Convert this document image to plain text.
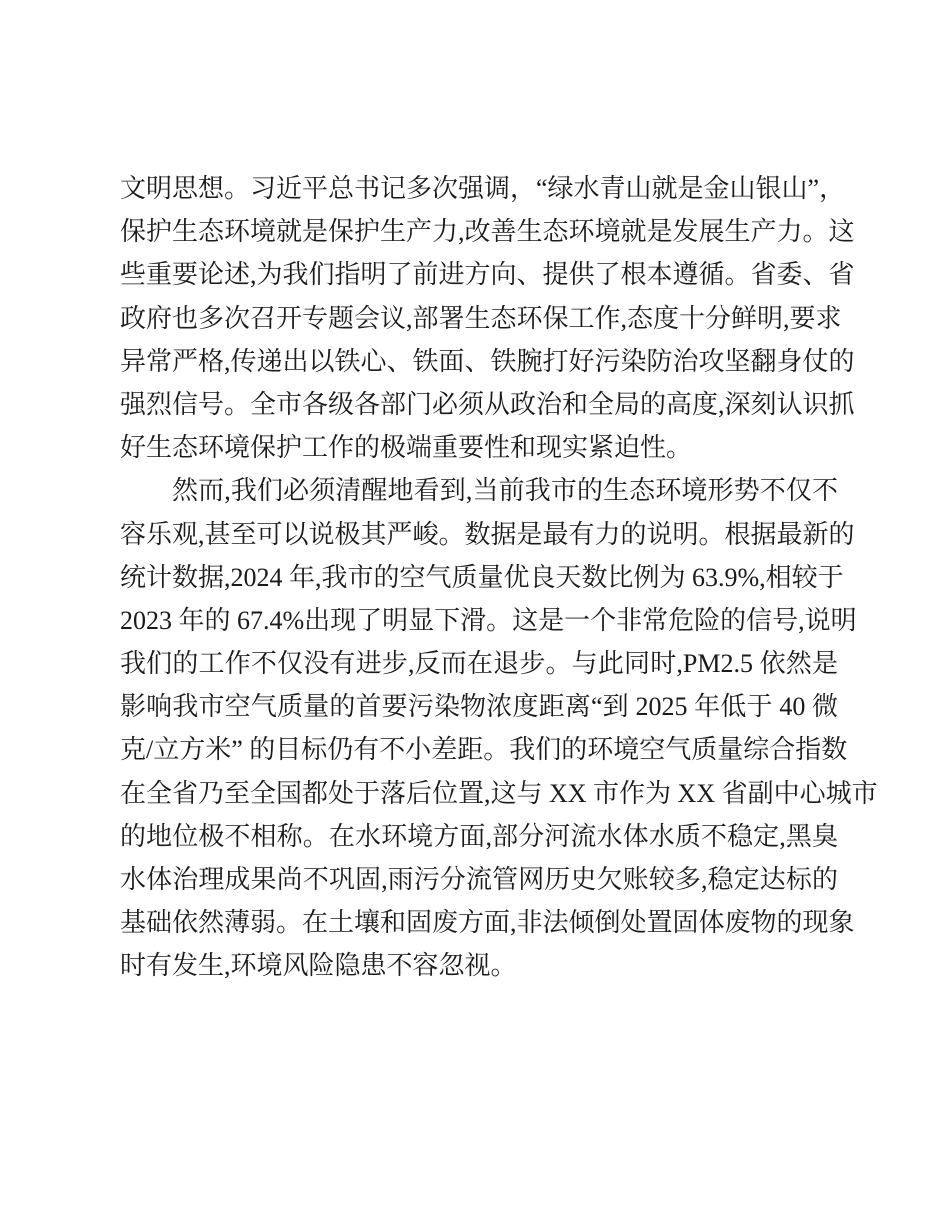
文明思想。习近平总书记多次强调，“绿水青山就是金山银山”，
保护生态环境就是保护生产力,改善生态环境就是发展生产力。这
些重要论述,为我们指明了前进方向、提供了根本遵循。省委、省
政府也多次召开专题会议,部署生态环保工作,态度十分鲜明,要求
异常严格,传递出以铁心、铁面、铁腕打好污染防治攻坚翻身仗的
强烈信号。全市各级各部门必须从政治和全局的高度,深刻认识抓
好生态环境保护工作的极端重要性和现实紧迫性。
然而,我们必须清醒地看到,当前我市的生态环境形势不仅不
容乐观,甚至可以说极其严峻。数据是最有力的说明。根据最新的
统计数据,2024 年,我市的空气质量优良天数比例为 63.9%,相较于
2023 年的 67.4%出现了明显下滑。这是一个非常危险的信号,说明
我们的工作不仅没有进步,反而在退步。与此同时,PM2.5 依然是
影响我市空气质量的首要污染物浓度距离“到 2025 年低于 40 微
克/立方米” 的目标仍有不小差距。我们的环境空气质量综合指数
在全省乃至全国都处于落后位置,这与 XX 市作为 XX 省副中心城市
的地位极不相称。在水环境方面,部分河流水体水质不稳定,黑臭
水体治理成果尚不巩固,雨污分流管网历史欠账较多,稳定达标的
基础依然薄弱。在土壤和固废方面,非法倾倒处置固体废物的现象
时有发生,环境风险隐患不容忽视。
